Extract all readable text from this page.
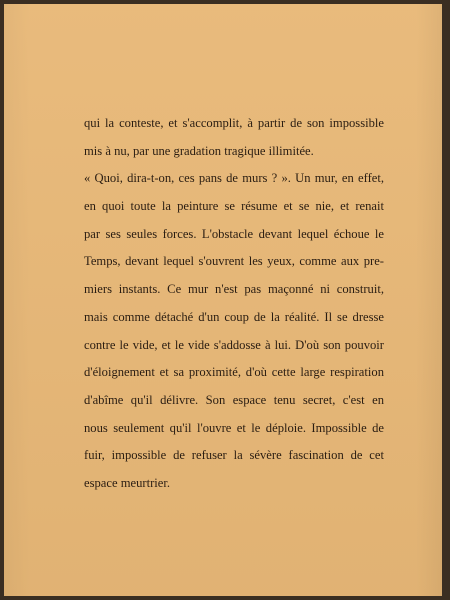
qui la conteste, et s'accomplit, à partir de son impossible
mis à nu, par une gradation tragique illimitée.
« Quoi, dira-t-on, ces pans de murs ? ». Un mur, en effet,
en quoi toute la peinture se résume et se nie, et renait
par ses seules forces. L'obstacle devant lequel échoue le
Temps, devant lequel s'ouvrent les yeux, comme aux pre-
miers instants. Ce mur n'est pas maçonné ni construit,
mais comme détaché d'un coup de la réalité. Il se dresse
contre le vide, et le vide s'addosse à lui. D'où son pouvoir
d'éloignement et sa proximité, d'où cette large respiration
d'abîme qu'il délivre. Son espace tenu secret, c'est en
nous seulement qu'il l'ouvre et le déploie. Impossible de
fuir, impossible de refuser la sévère fascination de cet
espace meurtrier.
